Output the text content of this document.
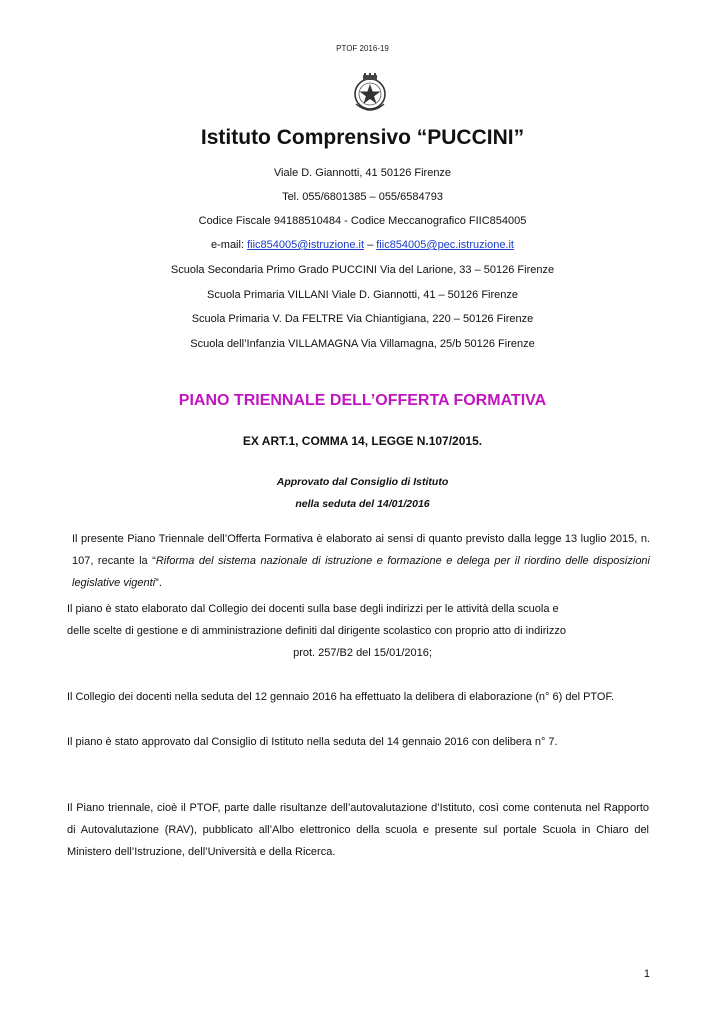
PTOF 2016-19
Istituto Comprensivo “PUCCINI”
Viale D. Giannotti, 41 50126 Firenze
Tel. 055/6801385 – 055/6584793
Codice Fiscale 94188510484 - Codice Meccanografico FIIC854005
e-mail: fiic854005@istruzione.it – fiic854005@pec.istruzione.it
Scuola Secondaria Primo Grado PUCCINI Via del Larione, 33 – 50126 Firenze
Scuola Primaria VILLANI Viale D. Giannotti, 41 – 50126 Firenze
Scuola Primaria V. Da FELTRE Via Chiantigiana, 220 – 50126 Firenze
Scuola dell’Infanzia VILLAMAGNA Via Villamagna, 25/b 50126 Firenze
PIANO TRIENNALE DELL’OFFERTA FORMATIVA
EX ART.1, COMMA 14, LEGGE N.107/2015.
Approvato dal Consiglio di Istituto
nella seduta del 14/01/2016
Il presente Piano Triennale dell’Offerta Formativa è elaborato ai sensi di quanto previsto dalla legge 13 luglio 2015, n. 107, recante la “Riforma del sistema nazionale di istruzione e formazione e delega per il riordino delle disposizioni legislative vigenti”.
Il piano è stato elaborato dal Collegio dei docenti sulla base degli indirizzi per le attività della scuola e
delle scelte di gestione e di amministrazione definiti dal dirigente scolastico con proprio atto di indirizzo
prot. 257/B2 del 15/01/2016;
Il Collegio dei docenti nella seduta del 12 gennaio 2016 ha effettuato la delibera di elaborazione (n° 6) del PTOF.
Il piano è stato approvato dal Consiglio di Istituto nella seduta del 14 gennaio 2016 con delibera n° 7.
Il Piano triennale, cioè il PTOF, parte dalle risultanze dell’autovalutazione d’Istituto, così come contenuta nel Rapporto di Autovalutazione (RAV), pubblicato all’Albo elettronico della scuola e presente sul portale Scuola in Chiaro del Ministero dell’Istruzione, dell’Università e della Ricerca.
1
